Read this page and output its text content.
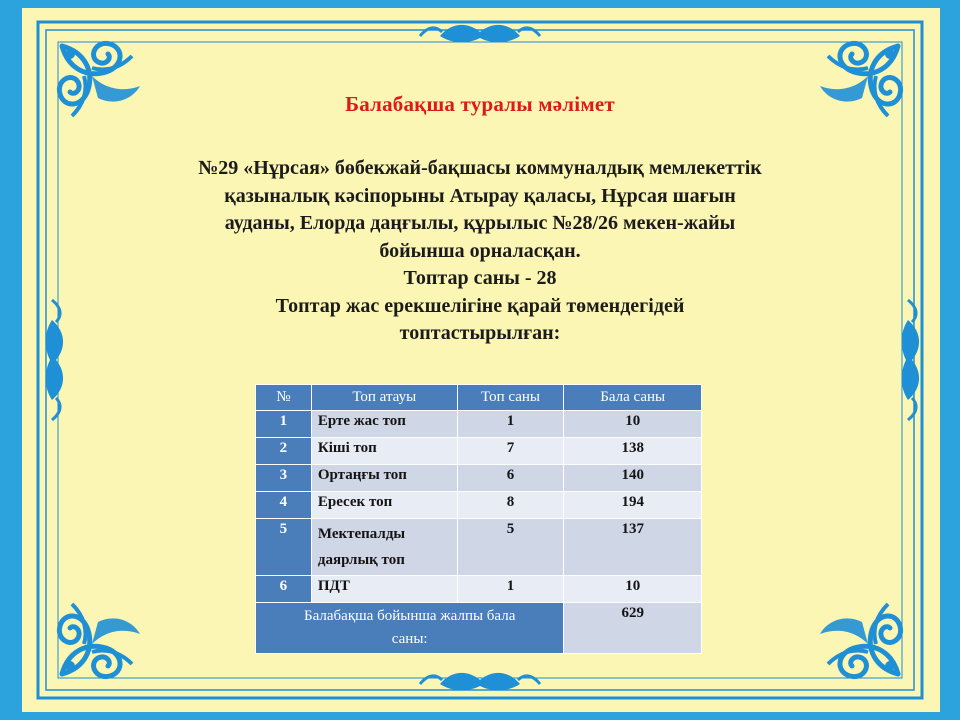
Балабақша туралы мәлімет
№29 «Нұрсая» бөбекжай-бақшасы коммуналдық мемлекеттік
қазыналық кәсіпорыны Атырау қаласы, Нұрсая шағын
ауданы, Елорда даңғылы, құрылыс №28/26 мекен-жайы
бойынша орналасқан.
Топтар саны - 28
Топтар жас ерекшелігіне қарай төмендегідей
топтастырылған:
№	Топ атауы	Топ саны	Бала саны
1	Ерте жас топ	1	10
2	Кіші топ	7	138
3	Ортаңғы топ	6	140
4	Ересек топ	8	194
5	Мектепалды
даярлық топ	5	137
6	ПДТ	1	10

Балабақша бойынша жалпы бала
саны:			629
